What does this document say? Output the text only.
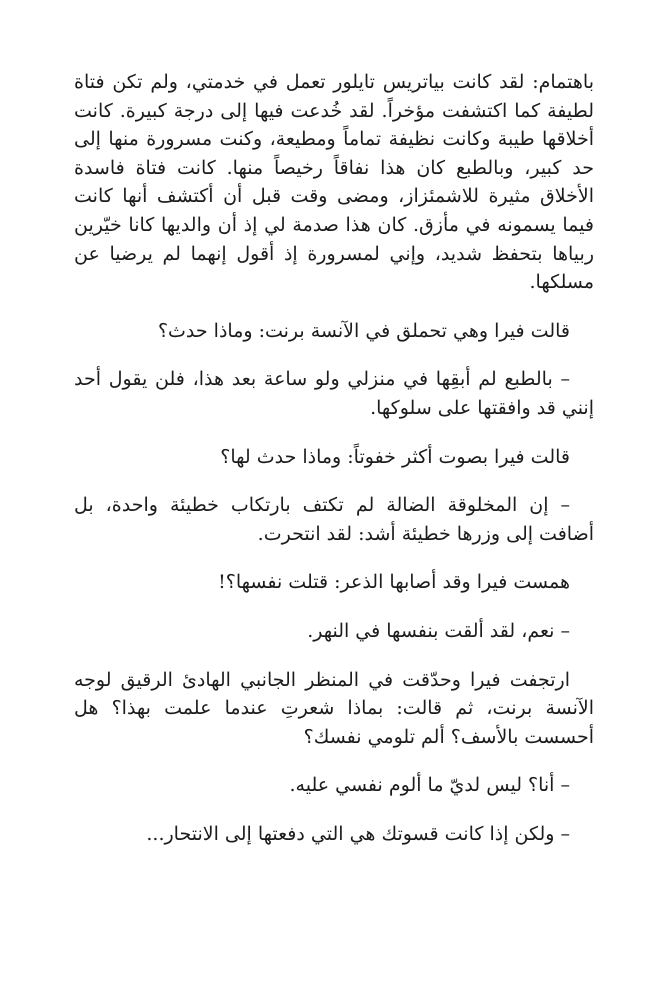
باهتمام: لقد كانت بياتريس تايلور تعمل في خدمتي، ولم تكن فتاة لطيفة كما اكتشفت مؤخراً. لقد خُدعت فيها إلى درجة كبيرة. كانت أخلاقها طيبة وكانت نظيفة تماماً ومطيعة، وكنت مسرورة منها إلى حد كبير، وبالطبع كان هذا نفاقاً رخيصاً منها. كانت فتاة فاسدة الأخلاق مثيرة للاشمئزاز، ومضى وقت قبل أن أكتشف أنها كانت فيما يسمونه في مأزق. كان هذا صدمة لي إذ أن والديها كانا خيّرين ربياها بتحفظ شديد، وإني لمسرورة إذ أقول إنهما لم يرضيا عن مسلكها.

قالت فيرا وهي تحملق في الآنسة برنت: وماذا حدث؟

– بالطبع لم أبقِها في منزلي ولو ساعة بعد هذا، فلن يقول أحد إنني قد وافقتها على سلوكها.

قالت فيرا بصوت أكثر خفوتاً: وماذا حدث لها؟

– إن المخلوقة الضالة لم تكتف بارتكاب خطيئة واحدة، بل أضافت إلى وزرها خطيئة أشد: لقد انتحرت.

همست فيرا وقد أصابها الذعر: قتلت نفسها؟!

– نعم، لقد ألقت بنفسها في النهر.

ارتجفت فيرا وحدّقت في المنظر الجانبي الهادئ الرقيق لوجه الآنسة برنت، ثم قالت: بماذا شعرتِ عندما علمت بهذا؟ هل أحسست بالأسف؟ ألم تلومي نفسك؟

– أنا؟ ليس لديّ ما ألوم نفسي عليه.

– ولكن إذا كانت قسوتك هي التي دفعتها إلى الانتحار...
